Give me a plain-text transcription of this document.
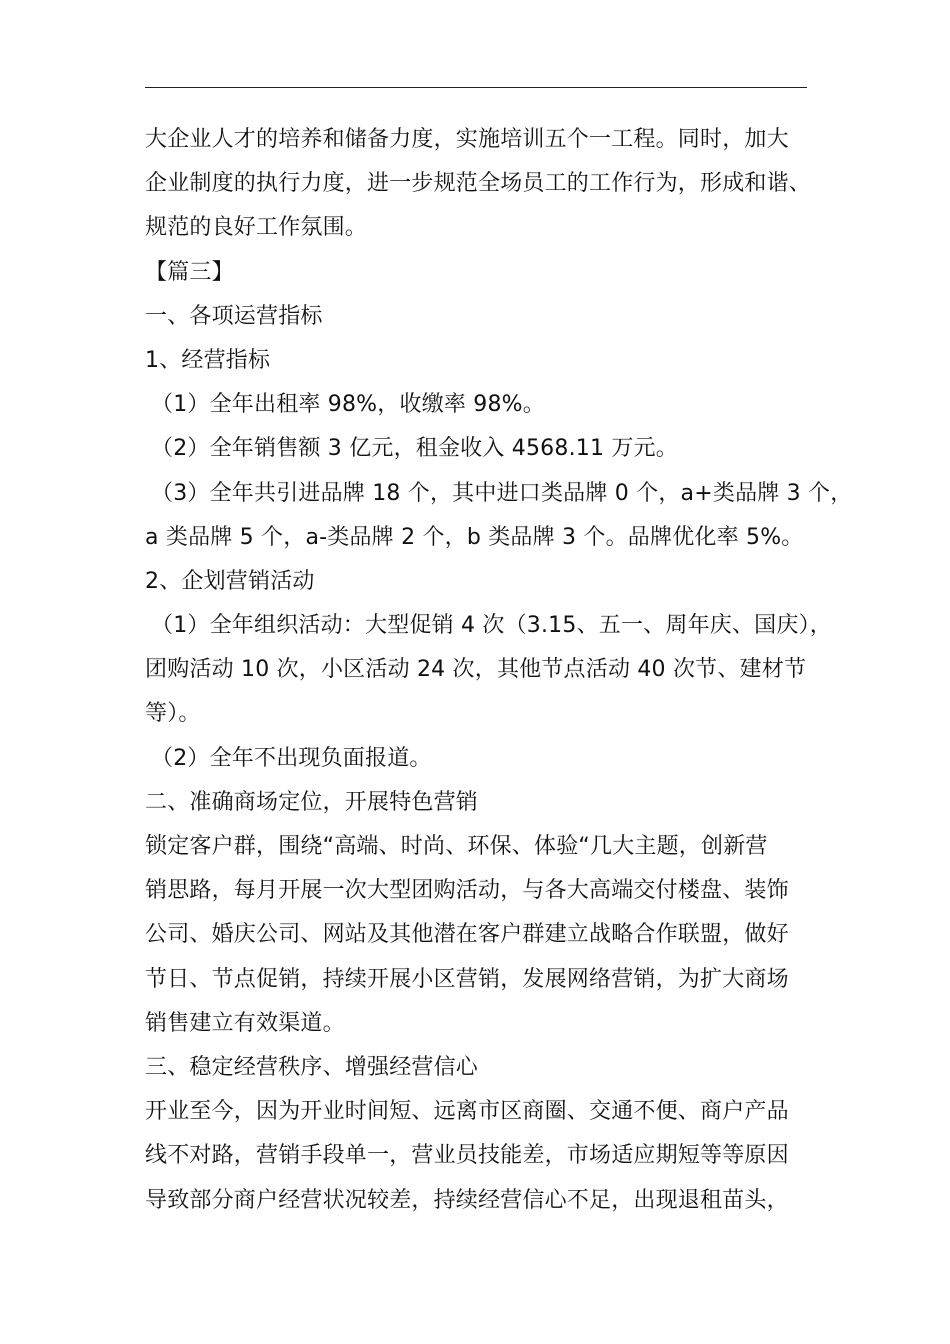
大企业人才的培养和储备力度，实施培训五个一工程。同时，加大
企业制度的执行力度，进一步规范全场员工的工作行为，形成和谐、
规范的良好工作氛围。
【篇三】
一、各项运营指标
1、经营指标
（1）全年出租率 98%，收缴率 98%。
（2）全年销售额 3 亿元，租金收入 4568.11 万元。
（3）全年共引进品牌 18 个，其中进口类品牌 0 个，a+类品牌 3 个，
a 类品牌 5 个，a-类品牌 2 个，b 类品牌 3 个。品牌优化率 5%。
2、企划营销活动
（1）全年组织活动：大型促销 4 次（3.15、五一、周年庆、国庆），
团购活动 10 次，小区活动 24 次，其他节点活动 40 次节、建材节
等）。
（2）全年不出现负面报道。
二、准确商场定位，开展特色营销
锁定客户群，围绕“高端、时尚、环保、体验“几大主题，创新营
销思路，每月开展一次大型团购活动，与各大高端交付楼盘、装饰
公司、婚庆公司、网站及其他潜在客户群建立战略合作联盟，做好
节日、节点促销，持续开展小区营销，发展网络营销，为扩大商场
销售建立有效渠道。
三、稳定经营秩序、增强经营信心
开业至今，因为开业时间短、远离市区商圈、交通不便、商户产品
线不对路，营销手段单一，营业员技能差，市场适应期短等等原因
导致部分商户经营状况较差，持续经营信心不足，出现退租苗头，
